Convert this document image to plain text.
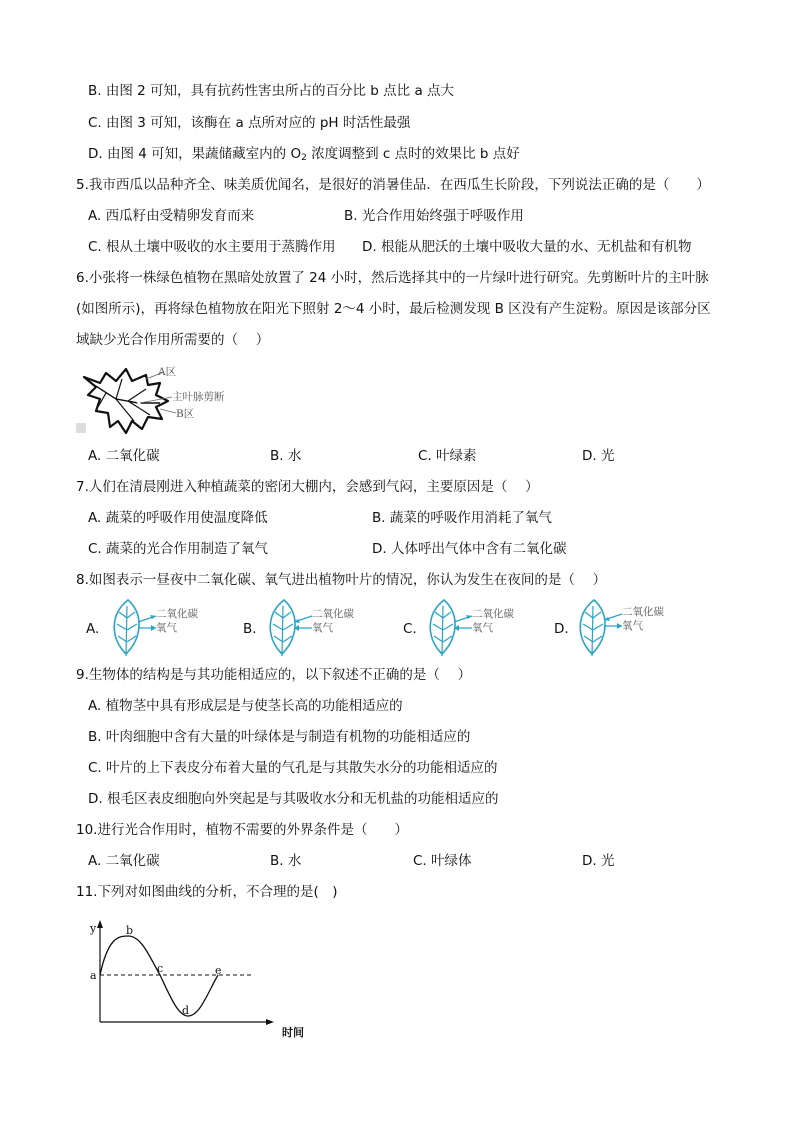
B. 由图 2 可知，具有抗药性害虫所占的百分比 b 点比 a 点大
C. 由图 3 可知，该酶在 a 点所对应的 pH 时活性最强
D. 由图 4 可知，果蔬储藏室内的 $O_2$ 浓度调整到 c 点时的效果比 b 点好
5.我市西瓜以品种齐全、味美质优闻名，是很好的消暑佳品．在西瓜生长阶段，下列说法正确的是（　　）
A. 西瓜籽由受精卵发育而来	B. 光合作用始终强于呼吸作用
C. 根从土壤中吸收的水主要用于蒸腾作用 D. 根能从肥沃的土壤中吸收大量的水、无机盐和有机物
6.小张将一株绿色植物在黑暗处放置了 24 小时，然后选择其中的一片绿叶进行研究。先剪断叶片的主叶脉
(如图所示)，再将绿色植物放在阳光下照射 2～4 小时，最后检测发现 B 区没有产生淀粉。原因是该部分区
域缺少光合作用所需要的（　 ）
A区
主叶脉剪断
B区
A. 二氧化碳	B. 水	C. 叶绿素	D. 光
7.人们在清晨刚进入种植蔬菜的密闭大棚内，会感到气闷，主要原因是（　 ）
A. 蔬菜的呼吸作用使温度降低	B. 蔬菜的呼吸作用消耗了氧气
C. 蔬菜的光合作用制造了氧气	D. 人体呼出气体中含有二氧化碳
8.如图表示一昼夜中二氧化碳、氧气进出植物叶片的情况，你认为发生在夜间的是（　 ）
A.	B.	C.	D.
二氧化碳
氧气
二氧化碳
氧气
二氧化碳
氧气
二氧化碳
氧气
9.生物体的结构是与其功能相适应的，以下叙述不正确的是（　 ）
A. 植物茎中具有形成层是与使茎长高的功能相适应的
B. 叶肉细胞中含有大量的叶绿体是与制造有机物的功能相适应的
C. 叶片的上下表皮分布着大量的气孔是与其散失水分的功能相适应的
D. 根毛区表皮细胞向外突起是与其吸收水分和无机盐的功能相适应的
10.进行光合作用时，植物不需要的外界条件是（　　）
A. 二氧化碳	B. 水	C. 叶绿体	D. 光
11.下列对如图曲线的分析，不合理的是(　)
y
a
b
c
d
e
时间
